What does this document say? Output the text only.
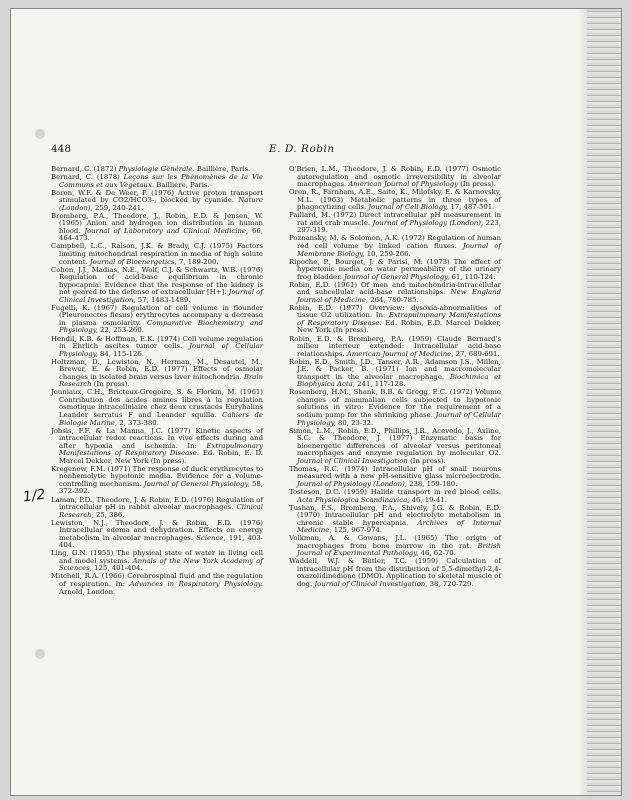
448	E. D. Robin
1/2

Bernard, C. (1872) Physiologie Générale. Baillière, Paris.

Bernard, C. (1878) Leçons sur les Phénomènes de la Vie Communs et aux Vegetaux. Baillière, Paris.

Boron, W.F. & De Weer, P. (1976) Active proton transport stimulated by CO2/HCO3-, blocked by cyanide. Nature (London), 259, 240-241.

Bromberg, P.A., Theodore, J., Robin, E.D. & Jensen, W. (1965) Anion and hydrogen ion distribution in human blood. Journal of Laboratory and Clinical Medicine, 66, 464-473.

Campbell, L.C., Raison, J.K. & Brady, C.J. (1975) Factors limiting mitochondrial respiration in media of high solute content. Journal of Bioenergetics, 7, 189-200.

Cohen, J.J., Madias, N.E., Wolf, C.J. & Schwartz, W.B. (1976) Regulation of acid-base equilibrium in chronic hypocapnia: Evidence that the response of the kidney is not geared to the defense of extracellular [H+]. Journal of Clinical Investigation, 57, 1483-1489.

Fugelli, K. (1967) Regulation of cell volume in flounder (Pleuronectes flesus) erythrocytes accompany a decrease in plasma osmolarity. Comparative Biochemistry and Physiology, 22, 253-260.

Hendil, K.B. & Hoffman, E.K. (1974) Cell volume regulation in Ehrlich ascites tumor cells. Journal of Cellular Physiology, 84, 115-126.

Holtzman, D., Lewiston, N., Herman, M., Desautel, M., Brewer, E. & Robin, E.D. (1977) Effects of osmolar changes in isolated brain versus liver mitochondria. Brain Research (In press).

Jeuniaux, C.H., Bricteux-Gregoire, S. & Florkin, M. (1961) Contribution des acides amines libres à la regulation osmotique intracellulaire chez deux crustacés Euryhalins Leander serratus F and Leander squilla. Cahiers de Biologie Marine, 2, 373-380.

Jobsis, F.F. & La Manna, J.C. (1977) Kinetic aspects of intracellular redox reactions. In vivo effects during and after hypoxia and ischemia. In: Extrapulmonary Manifestations of Respiratory Disease. Ed. Robin, E. D. Marcel Dekker, New York (In press).

Kregenow, F.M. (1971) The response of duck erythrocytes to nonhemolytic hypotonic media. Evidence for a volume-controlling mechanism. Journal of General Physiology, 58, 372-392.

Laman, P.D., Theodore, J. & Robin, E.D. (1976) Regulation of intracellular pH in rabbit alveolar macrophages. Clinical Research, 25, 386.

Lewiston, N.J., Theodore, J. & Robin, E.D. (1976) Intracellular edema and dehydration. Effects on energy metabolism in alveolar macrophages. Science, 191, 403-404.

Ling, G.N. (1955) The physical state of water in living cell and model systems. Annals of the New York Academy of Sciences, 125, 401-404.

Mitchell, R.A. (1966) Cerebrospinal fluid and the regulation of respiration. In: Advances in Respiratory Physiology. Arnold, London.

O'Brien, L.M., Theodore, J. & Robin, E.D. (1977) Osmotic autoregulation and osmotic irreversibility in alveolar macrophages. American Journal of Physiology (In press).

Oren, R., Farnham, A.E., Saito, K., Milofsky, E. & Karnovsky, M.L. (1963) Metabolic patterns in three types of phagocytizing cells. Journal of Cell Biology, 17, 487-501.

Paillard, M. (1972) Direct intracellular pH measurement in rat and crab muscle. Journal of Physiology (London), 223, 297-319.

Poznansky, M. & Solomon, A.K. (1972) Regulation of human red cell volume by linked cation fluxes. Journal of Membrane Biology, 10, 259-266.

Ripoche, P., Bourget, J. & Parisi, M. (1973) The effect of hypertonic media on water permeability of the urinary frog bladder. Journal of General Physiology, 61, 110-124.

Robin, E.D. (1961) Of men and mitochondria-intracellular and subcellular acid-base relationships. New England Journal of Medicine, 264, 780-785.

Robin, E.D. (1977) Overview: dysoxia-abnormalities of tissue O2 utilization. In: Extrapulmonary Manifestations of Respiratory Disease. Ed. Robin, E.D. Marcel Dekker, New York (In press).

Robin, E.D. & Bromberg, P.A. (1959) Claude Bernard's milieu interieur extended: Intracellular acid-base relationships. American Journal of Medicine, 27, 689-691.

Robin, E.D., Smith, J.D., Tanser, A.R., Adamson J.S., Millen, J.E. & Packer, B. (1971) Ion and macromolecular transport in the alveolar macrophage. Biochimica et Biophysica Acta, 241, 117-128.

Rosenberg, H.M., Shank, B.B. & Gregg, E.C. (1972) Volume changes of mammalian cells subjected to hypotonic solutions in vitro: Evidence for the requirement of a sodium pump for the shrinking phase. Journal of Cellular Physiology, 80, 23-32.

Simon, L.M., Robin, E.D., Phillips, J.R., Acevedo, J., Axline, S.C. & Theodore, J. (1977) Enzymatic basis for bioenergetic differences of alveolar versus peritoneal macrophages and enzyme regulation by molecular O2. Journal of Clinical Investigation (In press).

Thomas, R.C. (1974) Intracellular pH of snail neurons measured with a new pH-sensitive glass microelectrode. Journal of Physiology (London), 238, 159-180.

Tosteson, D.C. (1959) Halide transport in red blood cells. Acta Physiologica Scandinavica, 46, 19-41.

Tushan, F.S., Bromberg, P.A., Shively, J.G. & Robin, E.D. (1970) Intracellular pH and electrolyte metabolism in chronic stable hypercapnia. Archives of Internal Medicine, 125, 967-974.

Volkman, A. & Gowans, J.L. (1965) The origin of macrophages from bone marrow in the rat. British Journal of Experimental Pathology, 46, 62-70.

Waddell, W.J. & Butler, T.C. (1959) Calculation of intracellular pH from the distribution of 5,5-dimethyl-2,4-oxazolidinedione (DMO). Application to skeletal muscle of dog. Journal of Clinical Investigation, 38, 720-729.
